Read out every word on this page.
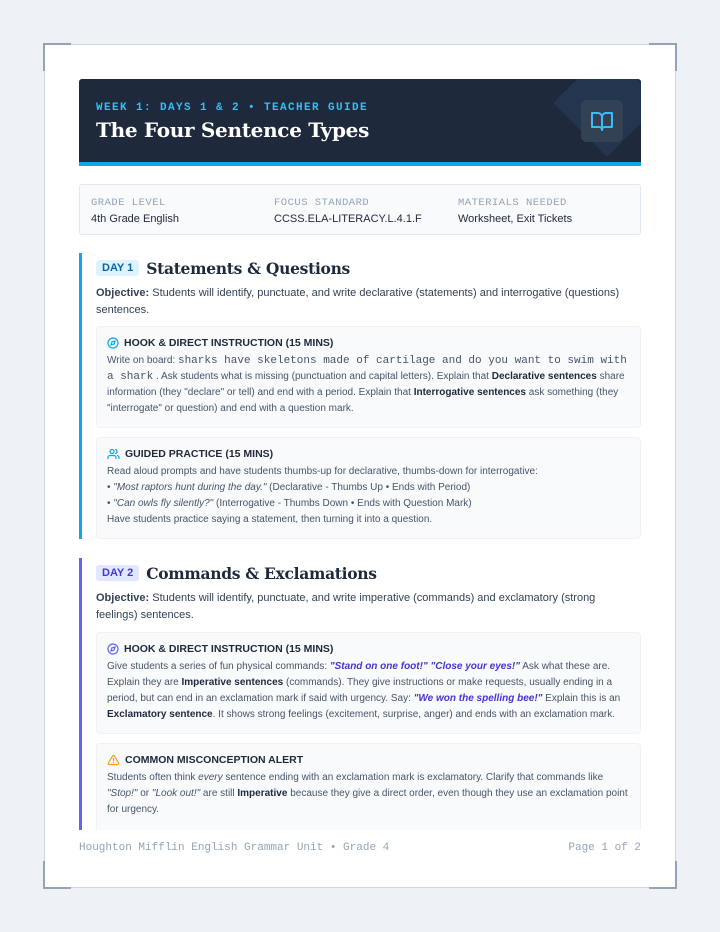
WEEK 1: DAYS 1 & 2 • TEACHER GUIDE
The Four Sentence Types
GRADE LEVEL
4th Grade English
FOCUS STANDARD
CCSS.ELA-LITERACY.L.4.1.F
MATERIALS NEEDED
Worksheet, Exit Tickets
DAY 1 Statements & Questions
Objective: Students will identify, punctuate, and write declarative (statements) and interrogative (questions) sentences.
HOOK & DIRECT INSTRUCTION (15 MINS)
Write on board: sharks have skeletons made of cartilage and do you want to swim with a shark . Ask students what is missing (punctuation and capital letters). Explain that Declarative sentences share information (they "declare" or tell) and end with a period. Explain that Interrogative sentences ask something (they "interrogate" or question) and end with a question mark.
GUIDED PRACTICE (15 MINS)
Read aloud prompts and have students thumbs-up for declarative, thumbs-down for interrogative:
• "Most raptors hunt during the day." (Declarative - Thumbs Up • Ends with Period)
• "Can owls fly silently?" (Interrogative - Thumbs Down • Ends with Question Mark)
Have students practice saying a statement, then turning it into a question.
DAY 2 Commands & Exclamations
Objective: Students will identify, punctuate, and write imperative (commands) and exclamatory (strong feelings) sentences.
HOOK & DIRECT INSTRUCTION (15 MINS)
Give students a series of fun physical commands: "Stand on one foot!" "Close your eyes!" Ask what these are. Explain they are Imperative sentences (commands). They give instructions or make requests, usually ending in a period, but can end in an exclamation mark if said with urgency. Say: "We won the spelling bee!" Explain this is an Exclamatory sentence. It shows strong feelings (excitement, surprise, anger) and ends with an exclamation mark.
COMMON MISCONCEPTION ALERT
Students often think every sentence ending with an exclamation mark is exclamatory. Clarify that commands like "Stop!" or "Look out!" are still Imperative because they give a direct order, even though they use an exclamation point for urgency.
Houghton Mifflin English Grammar Unit • Grade 4	Page 1 of 2
